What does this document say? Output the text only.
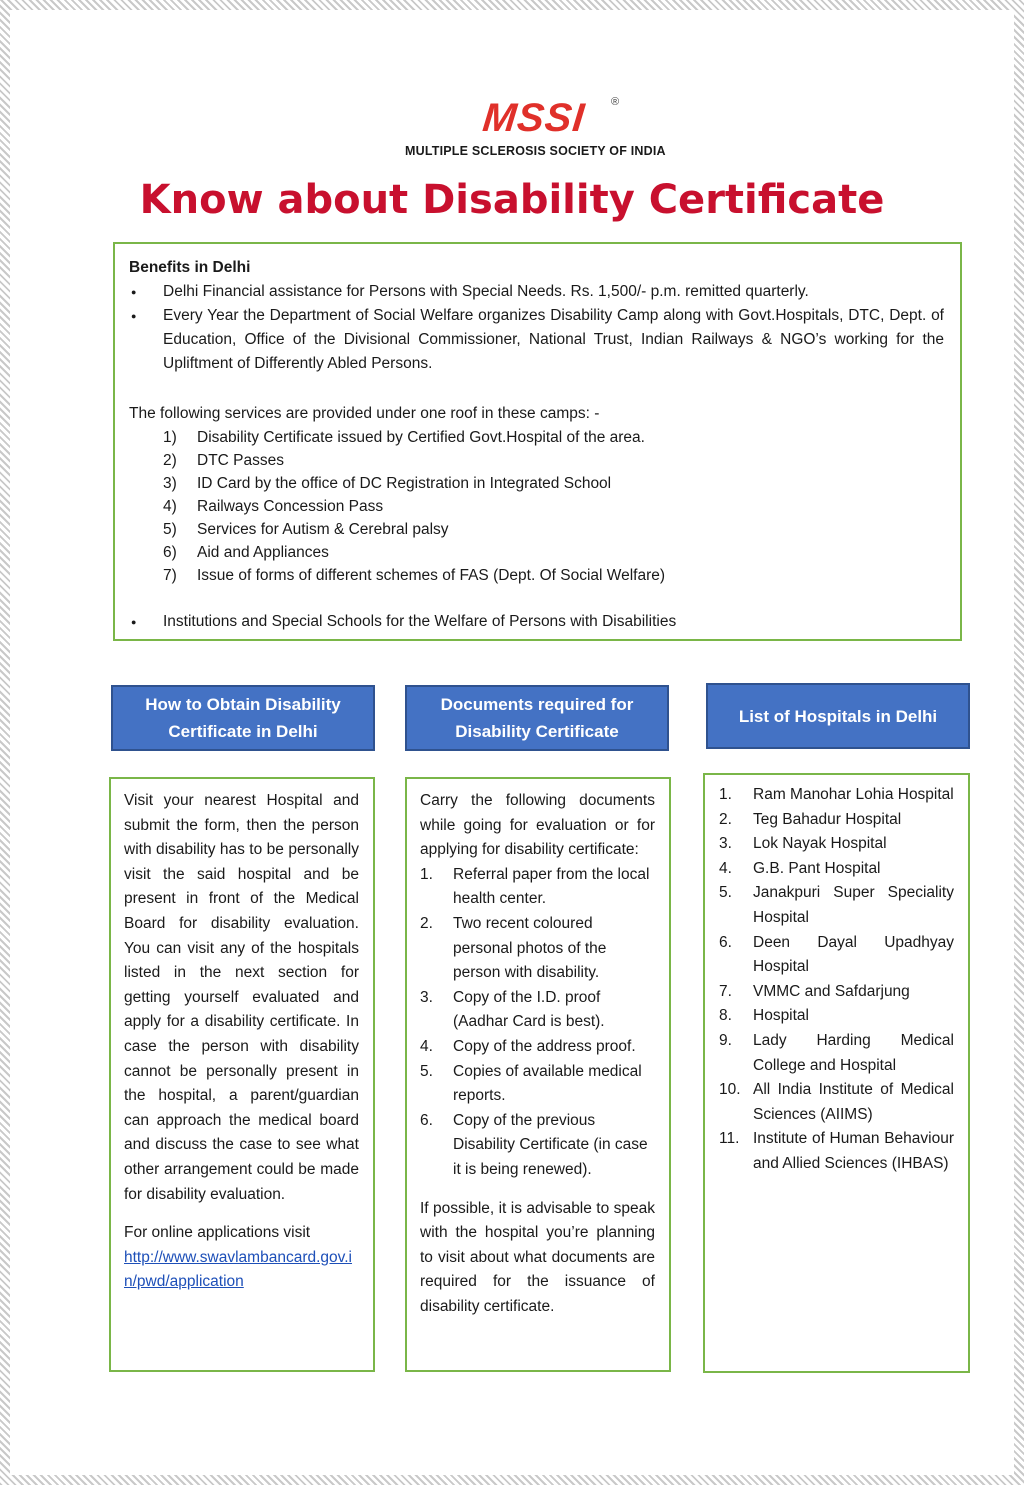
MSSI ®
MULTIPLE SCLEROSIS SOCIETY OF INDIA
Know about Disability Certificate
Benefits in Delhi
● Delhi Financial assistance for Persons with Special Needs. Rs. 1,500/- p.m. remitted quarterly.
● Every Year the Department of Social Welfare organizes Disability Camp along with Govt.Hospitals, DTC, Dept. of Education, Office of the Divisional Commissioner, National Trust, Indian Railways & NGO’s working for the Upliftment of Differently Abled Persons.
The following services are provided under one roof in these camps: -
1) Disability Certificate issued by Certified Govt.Hospital of the area.
2) DTC Passes
3) ID Card by the office of DC Registration in Integrated School
4) Railways Concession Pass
5) Services for Autism & Cerebral palsy
6) Aid and Appliances
7) Issue of forms of different schemes of FAS (Dept. Of Social Welfare)
● Institutions and Special Schools for the Welfare of Persons with Disabilities
How to Obtain Disability Certificate in Delhi
Documents required for Disability Certificate
List of Hospitals in Delhi

Visit your nearest Hospital and submit the form, then the person with disability has to be personally visit the said hospital and be present in front of the Medical Board for disability evaluation. You can visit any of the hospitals listed in the next section for getting yourself evaluated and apply for a disability certificate. In case the person with disability cannot be personally present in the hospital, a parent/guardian can approach the medical board and discuss the case to see what other arrangement could be made for disability evaluation.

For online applications visit
http://www.swavlambancard.gov.in/pwd/application

Carry the following documents while going for evaluation or for applying for disability certificate:

1. Referral paper from the local health center.
2. Two recent coloured personal photos of the person with disability.
3. Copy of the I.D. proof (Aadhar Card is best).
4. Copy of the address proof.
5. Copies of available medical reports.
6. Copy of the previous Disability Certificate (in case it is being renewed).

If possible, it is advisable to speak with the hospital you’re planning to visit about what documents are required for the issuance of disability certificate.

1. Ram Manohar Lohia Hospital
2. Teg Bahadur Hospital
3. Lok Nayak Hospital
4. G.B. Pant Hospital
5. Janakpuri Super Speciality Hospital
6. Deen Dayal Upadhyay Hospital
7. VMMC and Safdarjung
8. Hospital
9. Lady Harding Medical College and Hospital
10. All India Institute of Medical Sciences (AIIMS)
11. Institute of Human Behaviour and Allied Sciences (IHBAS)
